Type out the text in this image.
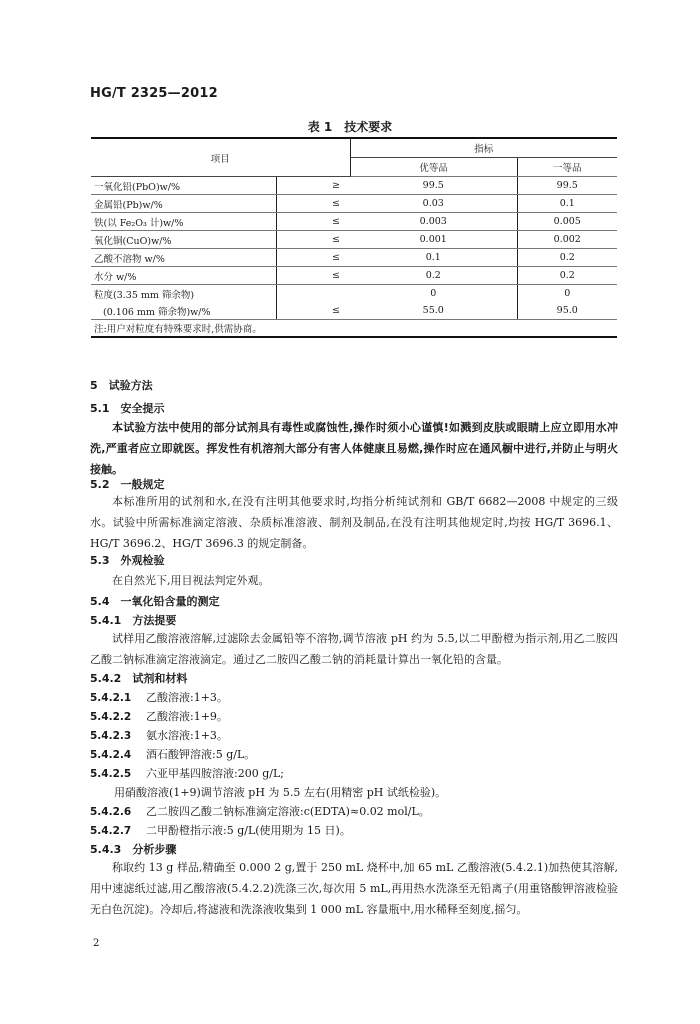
HG/T 2325—2012
表 1　技术要求
项目		指标	
		优等品	一等品
一氧化铅(PbO)w/%	≥	99.5	99.5
金属铅(Pb)w/%	≤	0.03	0.1
铁(以 Fe₂O₃ 计)w/%	≤	0.003	0.005
氧化铜(CuO)w/%	≤	0.001	0.002
乙酸不溶物 w/%	≤	0.1	0.2
水分 w/%	≤	0.2	0.2
粒度(3.35 mm 筛余物)		0	0
(0.106 mm 筛余物)w/%	≤	55.0	95.0
注:用户对粒度有特殊要求时,供需协商。			
5　试验方法
5.1　安全提示

本试验方法中使用的部分试剂具有毒性或腐蚀性,操作时须小心谨慎!如溅到皮肤或眼睛上应立即用水冲洗,严重者应立即就医。挥发性有机溶剂大部分有害人体健康且易燃,操作时应在通风橱中进行,并防止与明火接触。

5.2　一般规定

本标准所用的试剂和水,在没有注明其他要求时,均指分析纯试剂和 GB/T 6682—2008 中规定的三级水。试验中所需标准滴定溶液、杂质标准溶液、制剂及制品,在没有注明其他规定时,均按 HG/T 3696.1、HG/T 3696.2、HG/T 3696.3 的规定制备。

5.3　外观检验

在自然光下,用目视法判定外观。

5.4　一氧化铅含量的测定
5.4.1　方法提要

试样用乙酸溶液溶解,过滤除去金属铅等不溶物,调节溶液 pH 约为 5.5,以二甲酚橙为指示剂,用乙二胺四乙酸二钠标准滴定溶液滴定。通过乙二胺四乙酸二钠的消耗量计算出一氧化铅的含量。

5.4.2　试剂和材料
5.4.2.1 乙酸溶液:1+3。
5.4.2.2 乙酸溶液:1+9。
5.4.2.3 氨水溶液:1+3。
5.4.2.4 酒石酸钾溶液:5 g/L。
5.4.2.5 六亚甲基四胺溶液:200 g/L;
用硝酸溶液(1+9)调节溶液 pH 为 5.5 左右(用精密 pH 试纸检验)。
5.4.2.6 乙二胺四乙酸二钠标准滴定溶液:c(EDTA)≈0.02 mol/L。
5.4.2.7 二甲酚橙指示液:5 g/L(使用期为 15 日)。
5.4.3　分析步骤

称取约 13 g 样品,精确至 0.000 2 g,置于 250 mL 烧杯中,加 65 mL 乙酸溶液(5.4.2.1)加热使其溶解,用中速滤纸过滤,用乙酸溶液(5.4.2.2)洗涤三次,每次用 5 mL,再用热水洗涤至无铅离子(用重铬酸钾溶液检验无白色沉淀)。冷却后,将滤液和洗涤液收集到 1 000 mL 容量瓶中,用水稀释至刻度,摇匀。

2
